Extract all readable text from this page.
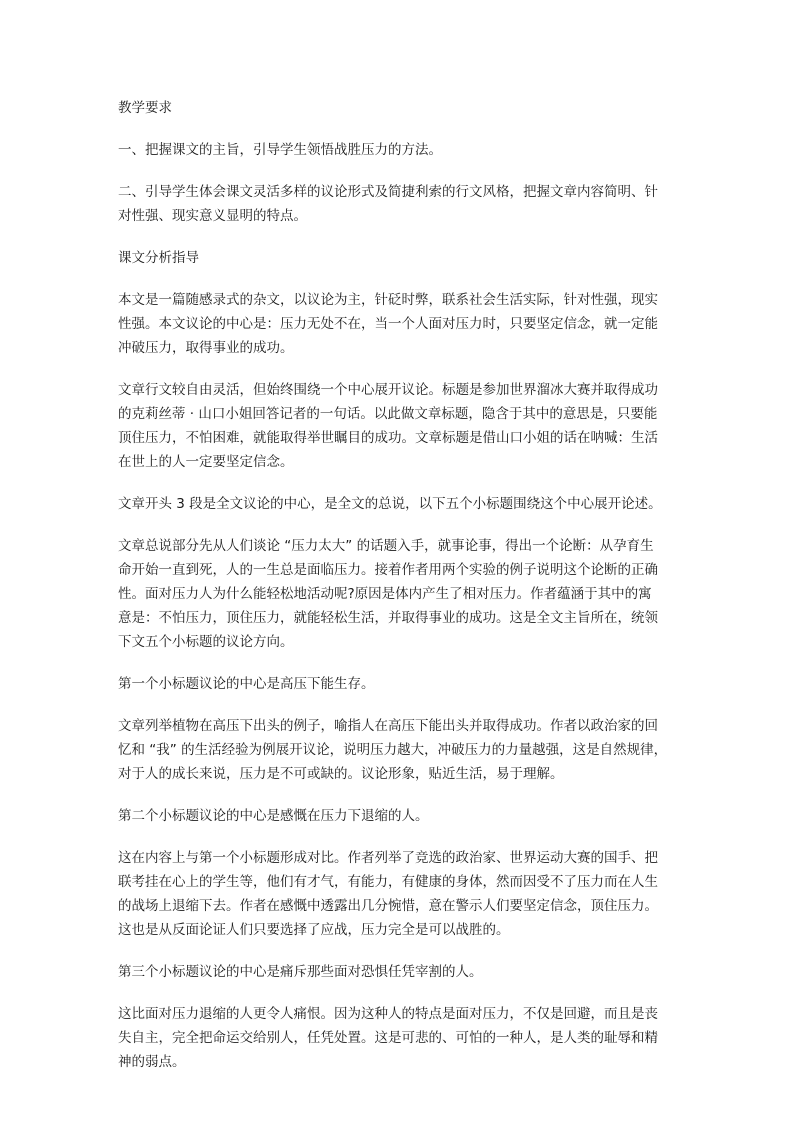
教学要求

一、把握课文的主旨，引导学生领悟战胜压力的方法。

二、引导学生体会课文灵活多样的议论形式及简捷利索的行文风格，把握文章内容简明、针
对性强、现实意义显明的特点。

课文分析指导

本文是一篇随感录式的杂文，以议论为主，针砭时弊，联系社会生活实际，针对性强，现实
性强。本文议论的中心是：压力无处不在，当一个人面对压力时，只要坚定信念，就一定能
冲破压力，取得事业的成功。

文章行文较自由灵活，但始终围绕一个中心展开议论。标题是参加世界溜冰大赛并取得成功
的克莉丝蒂 · 山口小姐回答记者的一句话。以此做文章标题，隐含于其中的意思是，只要能
顶住压力，不怕困难，就能取得举世瞩目的成功。文章标题是借山口小姐的话在呐喊：生活
在世上的人一定要坚定信念。

文章开头 3 段是全文议论的中心，是全文的总说，以下五个小标题围绕这个中心展开论述。

文章总说部分先从人们谈论 “压力太大” 的话题入手，就事论事，得出一个论断：从孕育生
命开始一直到死，人的一生总是面临压力。接着作者用两个实验的例子说明这个论断的正确
性。面对压力人为什么能轻松地活动呢?原因是体内产生了相对压力。作者蕴涵于其中的寓
意是：不怕压力，顶住压力，就能轻松生活，并取得事业的成功。这是全文主旨所在，统领
下文五个小标题的议论方向。

第一个小标题议论的中心是高压下能生存。

文章列举植物在高压下出头的例子，喻指人在高压下能出头并取得成功。作者以政治家的回
忆和 “我” 的生活经验为例展开议论，说明压力越大，冲破压力的力量越强，这是自然规律，
对于人的成长来说，压力是不可或缺的。议论形象，贴近生活，易于理解。

第二个小标题议论的中心是感慨在压力下退缩的人。

这在内容上与第一个小标题形成对比。作者列举了竞选的政治家、世界运动大赛的国手、把
联考挂在心上的学生等，他们有才气，有能力，有健康的身体，然而因受不了压力而在人生
的战场上退缩下去。作者在感慨中透露出几分惋惜，意在警示人们要坚定信念，顶住压力。
这也是从反面论证人们只要选择了应战，压力完全是可以战胜的。

第三个小标题议论的中心是痛斥那些面对恐惧任凭宰割的人。

这比面对压力退缩的人更令人痛恨。因为这种人的特点是面对压力，不仅是回避，而且是丧
失自主，完全把命运交给别人，任凭处置。这是可悲的、可怕的一种人，是人类的耻辱和精
神的弱点。
